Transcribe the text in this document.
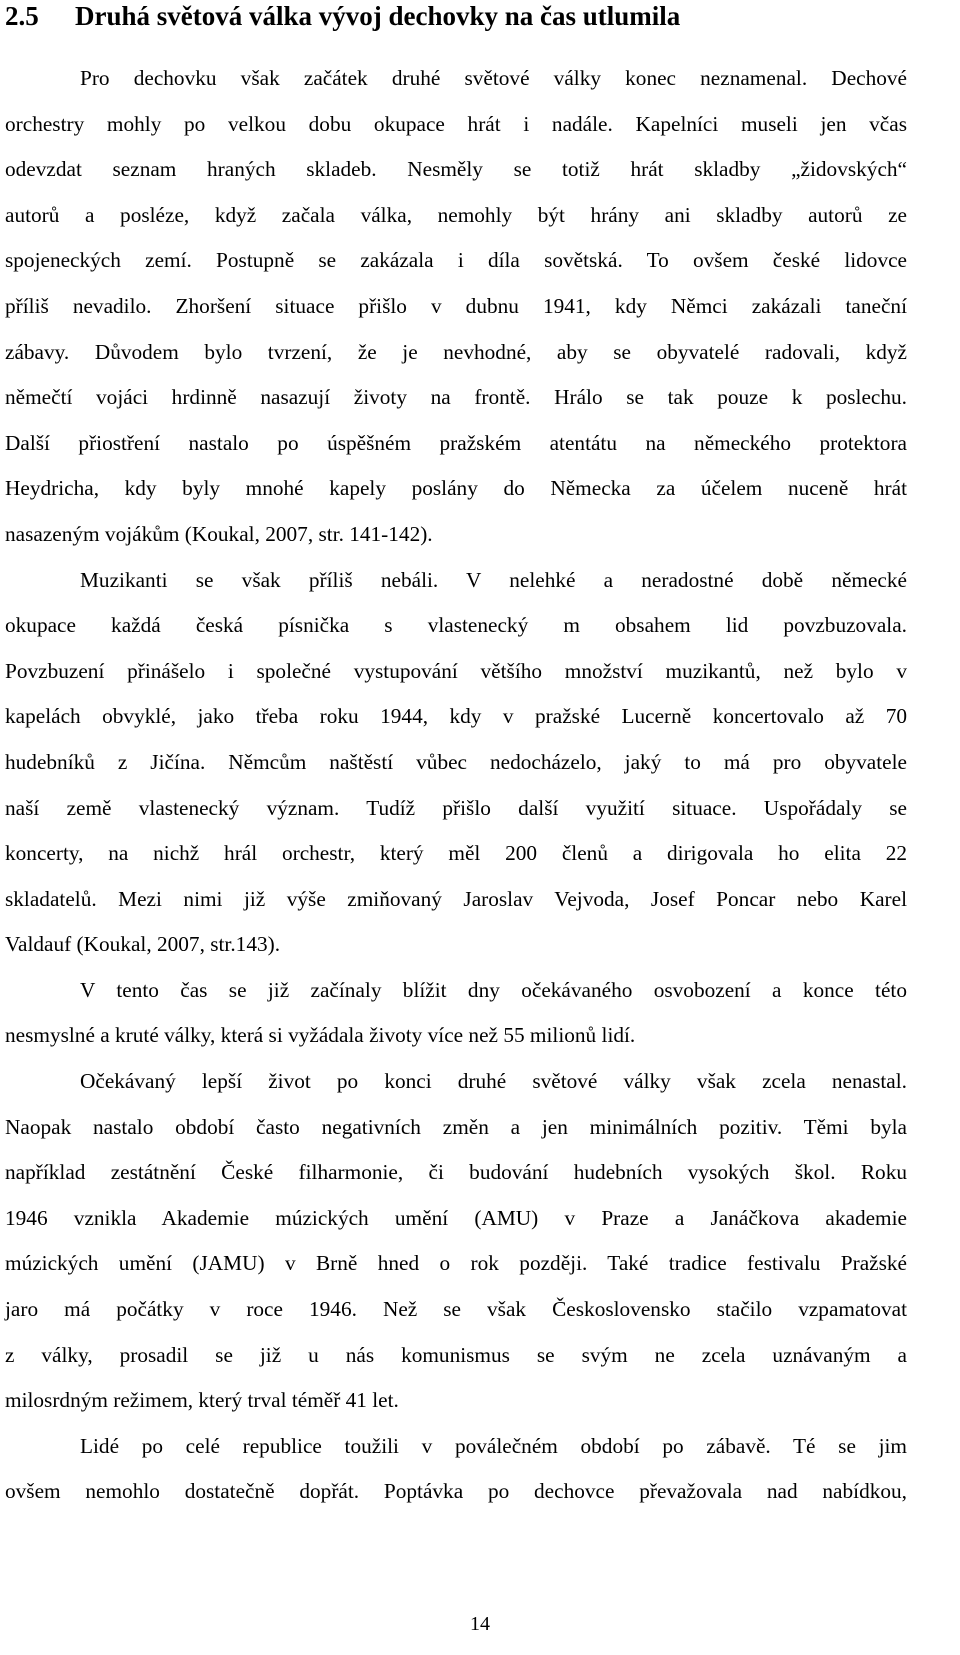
2.5 Druhá světová válka vývoj dechovky na čas utlumila
Pro dechovku však začátek druhé světové války konec neznamenal. Dechové
orchestry mohly po velkou dobu okupace hrát i nadále. Kapelníci museli jen včas
odevzdat seznam hraných skladeb. Nesměly se totiž hrát skladby „židovských“
autorů a posléze, když začala válka, nemohly být hrány ani skladby autorů ze
spojeneckých zemí. Postupně se zakázala i díla sovětská. To ovšem české lidovce
příliš nevadilo. Zhoršení situace přišlo v dubnu 1941, kdy Němci zakázali taneční
zábavy. Důvodem bylo tvrzení, že je nevhodné, aby se obyvatelé radovali, když
němečtí vojáci hrdinně nasazují životy na frontě. Hrálo se tak pouze k poslechu.
Další přiostření nastalo po úspěšném pražském atentátu na německého protektora
Heydricha, kdy byly mnohé kapely poslány do Německa za účelem nuceně hrát
nasazeným vojákům (Koukal, 2007, str. 141-142).
Muzikanti se však příliš nebáli. V nelehké a neradostné době německé
okupace každá česká písnička s vlastenecký m obsahem lid povzbuzovala.
Povzbuzení přinášelo i společné vystupování většího množství muzikantů, než bylo v
kapelách obvyklé, jako třeba roku 1944, kdy v pražské Lucerně koncertovalo až 70
hudebníků z Jičína. Němcům naštěstí vůbec nedocházelo, jaký to má pro obyvatele
naší země vlastenecký význam. Tudíž přišlo další využití situace. Uspořádaly se
koncerty, na nichž hrál orchestr, který měl 200 členů a dirigovala ho elita 22
skladatelů. Mezi nimi již výše zmiňovaný Jaroslav Vejvoda, Josef Poncar nebo Karel
Valdauf (Koukal, 2007, str.143).
V tento čas se již začínaly blížit dny očekávaného osvobození a konce této
nesmyslné a kruté války, která si vyžádala životy více než 55 milionů lidí.
Očekávaný lepší život po konci druhé světové války však zcela nenastal.
Naopak nastalo období často negativních změn a jen minimálních pozitiv. Těmi byla
například zestátnění České filharmonie, či budování hudebních vysokých škol. Roku
1946 vznikla Akademie múzických umění (AMU) v Praze a Janáčkova akademie
múzických umění (JAMU) v Brně hned o rok později. Také tradice festivalu Pražské
jaro má počátky v roce 1946. Než se však Československo stačilo vzpamatovat
z války, prosadil se již u nás komunismus se svým ne zcela uznávaným a
milosrdným režimem, který trval téměř 41 let.
Lidé po celé republice toužili v poválečném období po zábavě. Té se jim
ovšem nemohlo dostatečně dopřát. Poptávka po dechovce převažovala nad nabídkou,
14
